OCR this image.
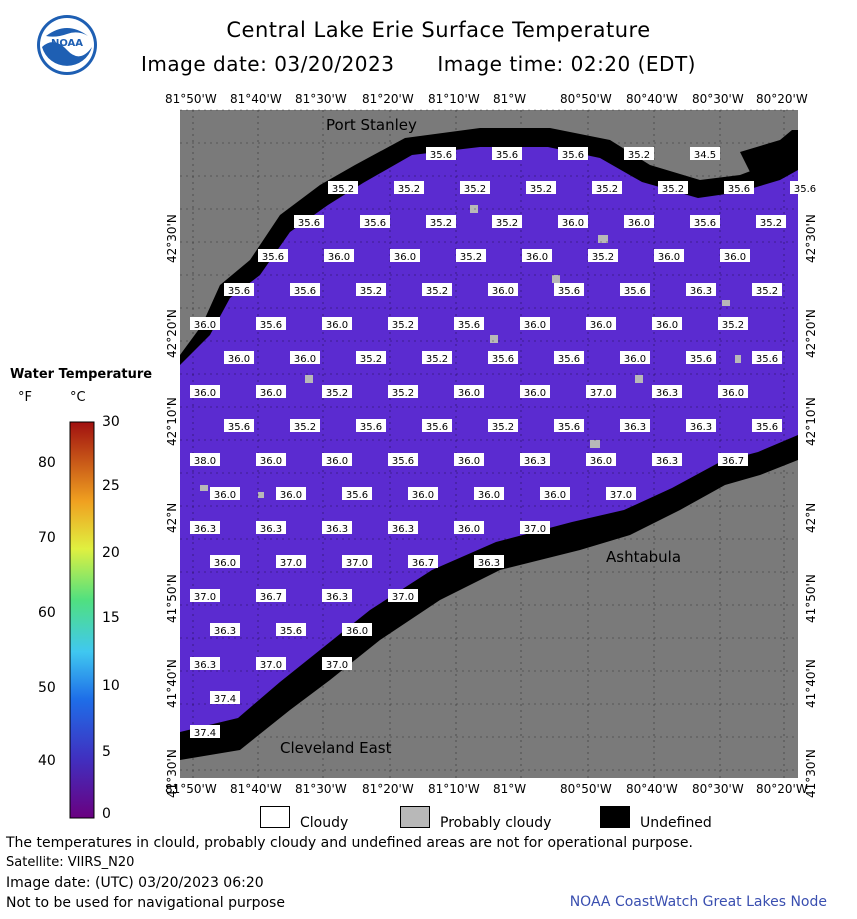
NOAA
Central Lake Erie Surface Temperature
Image date: 03/20/2023 Image time: 02:20 (EDT)
81°50'W 81°40'W 81°30'W 81°20'W 81°10'W 81°W	80°50'W 80°40'W 80°30'W 80°20'W
81°50'W 81°40'W 81°30'W 81°20'W 81°10'W 81°W	80°50'W 80°40'W 80°30'W 80°20'W
42°30'N
42°20'N
42°10'N
42°N
41°50'N
41°40'N
41°30'N
42°30'N
42°20'N
42°10'N
42°N
41°50'N
41°40'N
41°30'N
35.6	35.6	35.6	35.2	34.5
35.2	35.2	35.2	35.2	35.2	35.2	35.6	35.6
35.6	35.6	35.2	35.2	36.0	36.0	35.6	35.2
35.6	36.0	36.0	35.2	36.0	35.2	36.0	36.0
35.6	35.6	35.2	35.2	36.0	35.6	35.6	36.3	35.2
36.0	35.6	36.0	35.2	35.6	36.0	36.0	36.0	35.2
36.0	36.0	35.2	35.2	35.6	35.6	36.0	35.6	35.6
36.0	36.0	35.2	35.2	36.0	36.0	37.0	36.3	36.0
35.6	35.2	35.6	35.6	35.2	35.6	36.3	36.3	35.6
38.0	36.0	36.0	35.6	36.0	36.3	36.0	36.3	36.7
36.0	36.0	35.6	36.0	36.0	36.0	37.0
36.3	36.3	36.3	36.3	36.0	37.0
36.0	37.0	37.0	36.7	36.3
37.0	36.7	36.3	37.0
36.3	35.6	36.0
36.3	37.0	37.0
37.4
37.4
Port Stanley
Ashtabula
Cleveland East
Water Temperature
°F	°C
80
70
60
50
40
30
25
20
15
10
5
0
Cloudy	Probably cloudy	Undefined
The temperatures in clould, probably cloudy and undefined areas are not for operational purpose.
Satellite: VIIRS_N20
Image date: (UTC) 03/20/2023 06:20
Not to be used for navigational purpose	NOAA CoastWatch Great Lakes Node
